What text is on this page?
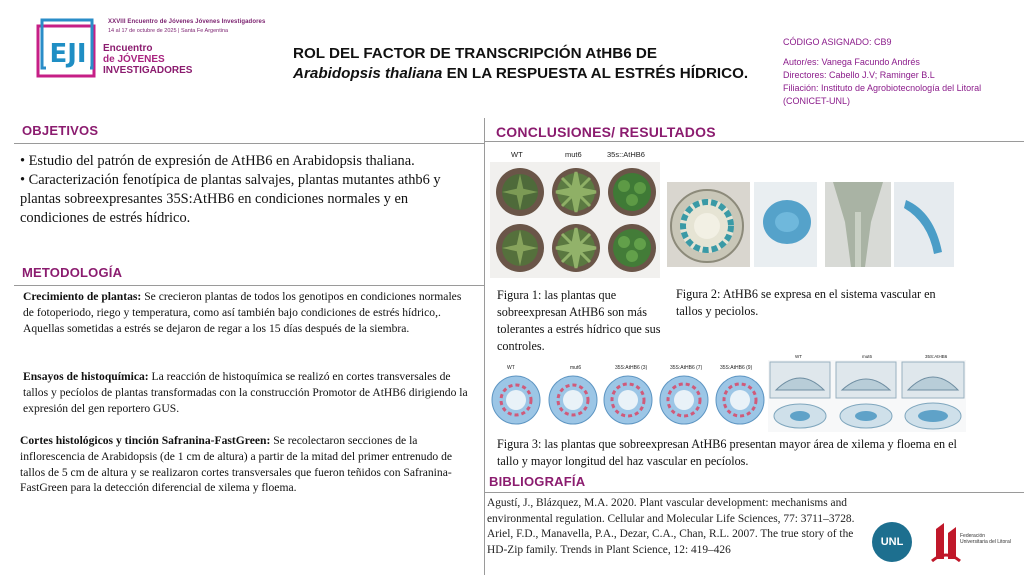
EJI
XXVIII Encuentro de Jóvenes Jóvenes Investigadores
14 al 17 de octubre de 2025 | Santa Fe Argentina
Encuentro
de JÓVENES
INVESTIGADORES
ROL DEL FACTOR DE TRANSCRIPCIÓN AtHB6 DE
Arabidopsis thaliana EN LA RESPUESTA AL ESTRÉS HÍDRICO.
CÓDIGO ASIGNADO: CB9
Autor/es: Vanega Facundo Andrés
Directores: Cabello J.V; Raminger B.L
Filiación: Instituto de Agrobiotecnología del Litoral (CONICET-UNL)
OBJETIVOS
• Estudio del patrón de expresión de AtHB6 en Arabidopsis thaliana.
• Caracterización fenotípica de plantas salvajes, plantas mutantes athb6 y plantas sobreexpresantes 35S:AtHB6 en condiciones normales y en condiciones de estrés hídrico.
METODOLOGÍA
Crecimiento de plantas: Se crecieron plantas de todos los genotipos en condiciones normales de fotoperiodo, riego y temperatura, como así también bajo condiciones de estrés hídrico,. Aquellas sometidas a estrés se dejaron de regar a los 15 días después de la siembra.
Ensayos de histoquímica: La reacción de histoquímica se realizó en cortes transversales de tallos y pecíolos de plantas transformadas con la construcción Promotor de AtHB6 dirigiendo la expresión del gen reportero GUS.
Cortes histológicos y tinción Safranina-FastGreen: Se recolectaron secciones de la inflorescencia de Arabidopsis (de 1 cm de altura) a partir de la mitad del primer entrenudo de tallos de 5 cm de altura y se realizaron cortes transversales que fueron teñidos con Safranina-FastGreen para la detección diferencial de xilema y floema.
CONCLUSIONES/ RESULTADOS
WT	mut6	35s::AtHB6
Figura 1: las plantas que sobreexpresan AtHB6 son más tolerantes a estrés hídrico que sus controles.
Figura 2: AtHB6 se expresa en el sistema vascular en tallos y peciolos.
WT	mut6	35S:AtHB6 (3)	35S:AtHB6 (7)	35S:AtHB6 (9)
WT	mut6	35S:AtHB6
Figura 3: las plantas que sobreexpresan AtHB6 presentan mayor área de xilema y floema en el tallo y mayor longitud del haz vascular en pecíolos.
BIBLIOGRAFÍA
Agustí, J., Blázquez, M.A. 2020. Plant vascular development: mechanisms and environmental regulation. Cellular and Molecular Life Sciences, 77: 3711–3728.
Ariel, F.D., Manavella, P.A., Dezar, C.A., Chan, R.L. 2007. The true story of the HD-Zip family. Trends in Plant Science, 12: 419–426
UNL	Federación Universitaria del Litoral
